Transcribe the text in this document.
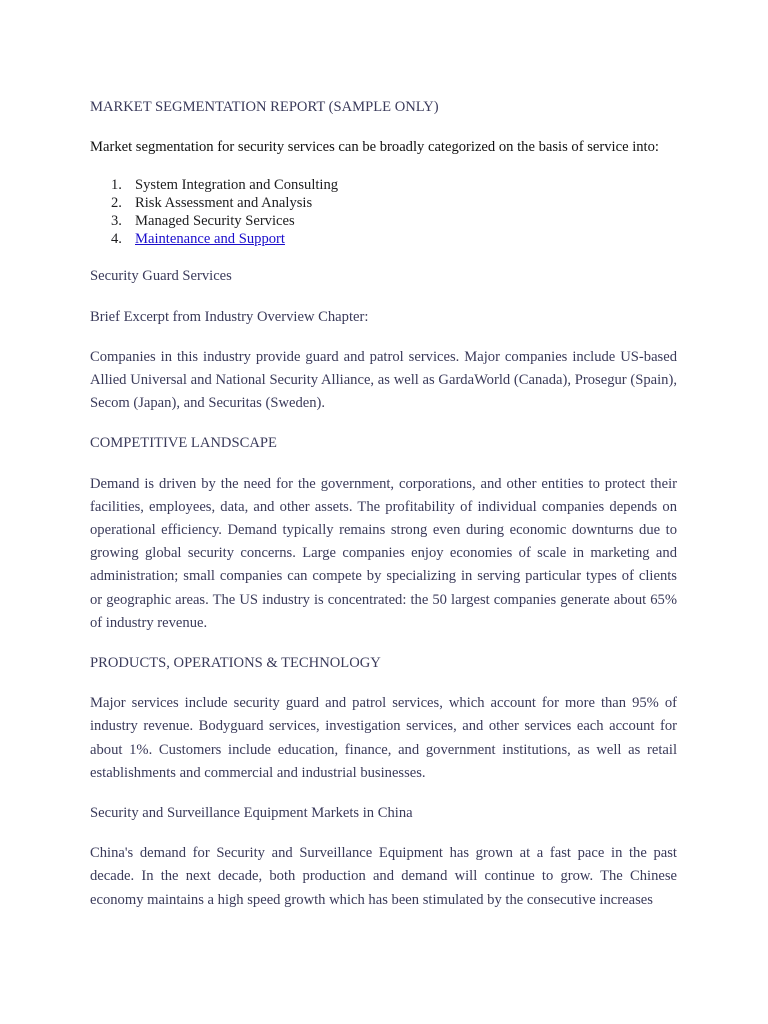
MARKET SEGMENTATION REPORT (SAMPLE ONLY)

Market segmentation for security services can be broadly categorized on the basis of service into:

System Integration and Consulting
Risk Assessment and Analysis
Managed Security Services
Maintenance and Support

Security Guard Services

Brief Excerpt from Industry Overview Chapter:

Companies in this industry provide guard and patrol services. Major companies include US-based Allied Universal and National Security Alliance, as well as GardaWorld (Canada), Prosegur (Spain), Secom (Japan), and Securitas (Sweden).

COMPETITIVE LANDSCAPE

Demand is driven by the need for the government, corporations, and other entities to protect their facilities, employees, data, and other assets. The profitability of individual companies depends on operational efficiency. Demand typically remains strong even during economic downturns due to growing global security concerns. Large companies enjoy economies of scale in marketing and administration; small companies can compete by specializing in serving particular types of clients or geographic areas. The US industry is concentrated: the 50 largest companies generate about 65% of industry revenue.

PRODUCTS, OPERATIONS & TECHNOLOGY

Major services include security guard and patrol services, which account for more than 95% of industry revenue. Bodyguard services, investigation services, and other services each account for about 1%. Customers include education, finance, and government institutions, as well as retail establishments and commercial and industrial businesses.

Security and Surveillance Equipment Markets in China

China's demand for Security and Surveillance Equipment has grown at a fast pace in the past decade. In the next decade, both production and demand will continue to grow. The Chinese economy maintains a high speed growth which has been stimulated by the consecutive increases
